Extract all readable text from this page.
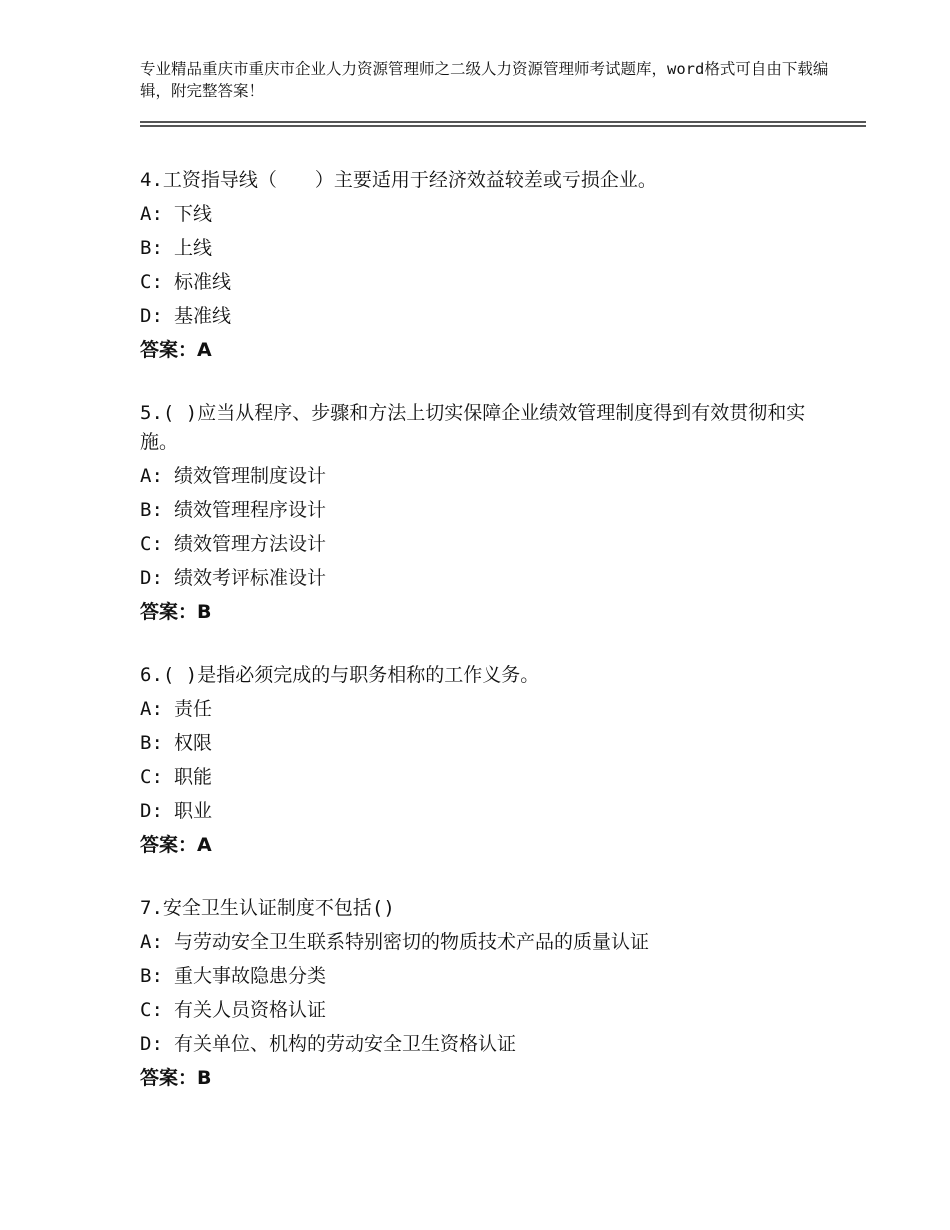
专业精品重庆市重庆市企业人力资源管理师之二级人力资源管理师考试题库，word格式可自由下载编辑，附完整答案！
4.工资指导线（　　）主要适用于经济效益较差或亏损企业。
A: 下线
B: 上线
C: 标准线
D: 基准线
答案：A
5.( )应当从程序、步骤和方法上切实保障企业绩效管理制度得到有效贯彻和实施。
A: 绩效管理制度设计
B: 绩效管理程序设计
C: 绩效管理方法设计
D: 绩效考评标准设计
答案：B
6.( )是指必须完成的与职务相称的工作义务。
A: 责任
B: 权限
C: 职能
D: 职业
答案：A
7.安全卫生认证制度不包括()
A: 与劳动安全卫生联系特别密切的物质技术产品的质量认证
B: 重大事故隐患分类
C: 有关人员资格认证
D: 有关单位、机构的劳动安全卫生资格认证
答案：B
